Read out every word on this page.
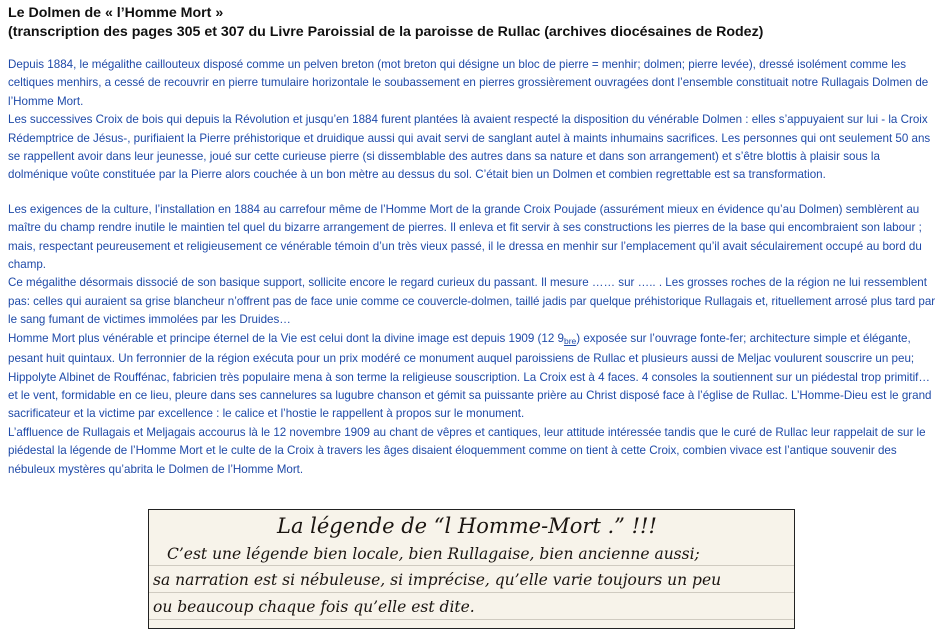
Le Dolmen de « l’Homme Mort »
(transcription des pages 305 et 307 du Livre Paroissial de la paroisse de Rullac (archives diocésaines de Rodez)

Depuis 1884, le mégalithe caillouteux disposé comme un pelven breton (mot breton qui désigne un bloc de pierre = menhir; dolmen; pierre levée), dressé isolément comme les celtiques menhirs, a cessé de recouvrir en pierre tumulaire horizontale le soubassement en pierres grossièrement ouvragées dont l’ensemble constituait notre Rullagais Dolmen de l’Homme Mort.

Les successives Croix de bois qui depuis la Révolution et jusqu’en 1884 furent plantées là avaient respecté la disposition du vénérable Dolmen : elles s’appuyaient sur lui - la Croix Rédemptrice de Jésus-, purifiaient la Pierre préhistorique et druidique aussi qui avait servi de sanglant autel à maints inhumains sacrifices. Les personnes qui ont seulement 50 ans se rappellent avoir dans leur jeunesse, joué sur cette curieuse pierre (si dissemblable des autres dans sa nature et dans son arrangement) et s’être blottis à plaisir sous la dolménique voûte constituée par la Pierre alors couchée à un bon mètre au dessus du sol. C’était bien un Dolmen et combien regrettable est sa transformation.

Les exigences de la culture, l’installation en 1884 au carrefour même de l’Homme Mort de la grande Croix Poujade (assurément mieux en évidence qu’au Dolmen) semblèrent au maître du champ rendre inutile le maintien tel quel du bizarre arrangement de pierres. Il enleva et fit servir à ses constructions les pierres de la base qui encombraient son labour ; mais, respectant peureusement et religieusement ce vénérable témoin d’un très vieux passé, il le dressa en menhir sur l’emplacement qu’il avait séculairement occupé au bord du champ.

Ce mégalithe désormais dissocié de son basique support, sollicite encore le regard curieux du passant. Il mesure …… sur ….. . Les grosses roches de la région ne lui ressemblent pas: celles qui auraient sa grise blancheur n’offrent pas de face unie comme ce couvercle-dolmen, taillé jadis par quelque préhistorique Rullagais et, rituellement arrosé plus tard par le sang fumant de victimes immolées par les Druides…

Homme Mort plus vénérable et principe éternel de la Vie est celui dont la divine image est depuis 1909 (12 9bre) exposée sur l’ouvrage fonte-fer; architecture simple et élégante, pesant huit quintaux. Un ferronnier de la région exécuta pour un prix modéré ce monument auquel paroissiens de Rullac et plusieurs aussi de Meljac voulurent souscrire un peu; Hippolyte Albinet de Rouffénac, fabricien très populaire mena à son terme la religieuse souscription. La Croix est à 4 faces. 4 consoles la soutiennent sur un piédestal trop primitif…et le vent, formidable en ce lieu, pleure dans ses cannelures sa lugubre chanson et gémit sa puissante prière au Christ disposé face à l’église de Rullac. L’Homme-Dieu est le grand sacrificateur et la victime par excellence : le calice et l’hostie le rappellent à propos sur le monument.

L’affluence de Rullagais et Meljagais accourus là le 12 novembre 1909 au chant de vêpres et cantiques, leur attitude intéressée tandis que le curé de Rullac leur rappelait de sur le piédestal la légende de l’Homme Mort et le culte de la Croix à travers les âges disaient éloquemment comme on tient à cette Croix, combien vivace est l’antique souvenir des nébuleux mystères qu’abrita le Dolmen de l’Homme Mort.

La légende de “l Homme-Mort .” !!!
C’est une légende bien locale, bien Rullagaise, bien ancienne aussi;
sa narration est si nébuleuse, si imprécise, qu’elle varie toujours un peu
ou beaucoup chaque fois qu’elle est dite.
